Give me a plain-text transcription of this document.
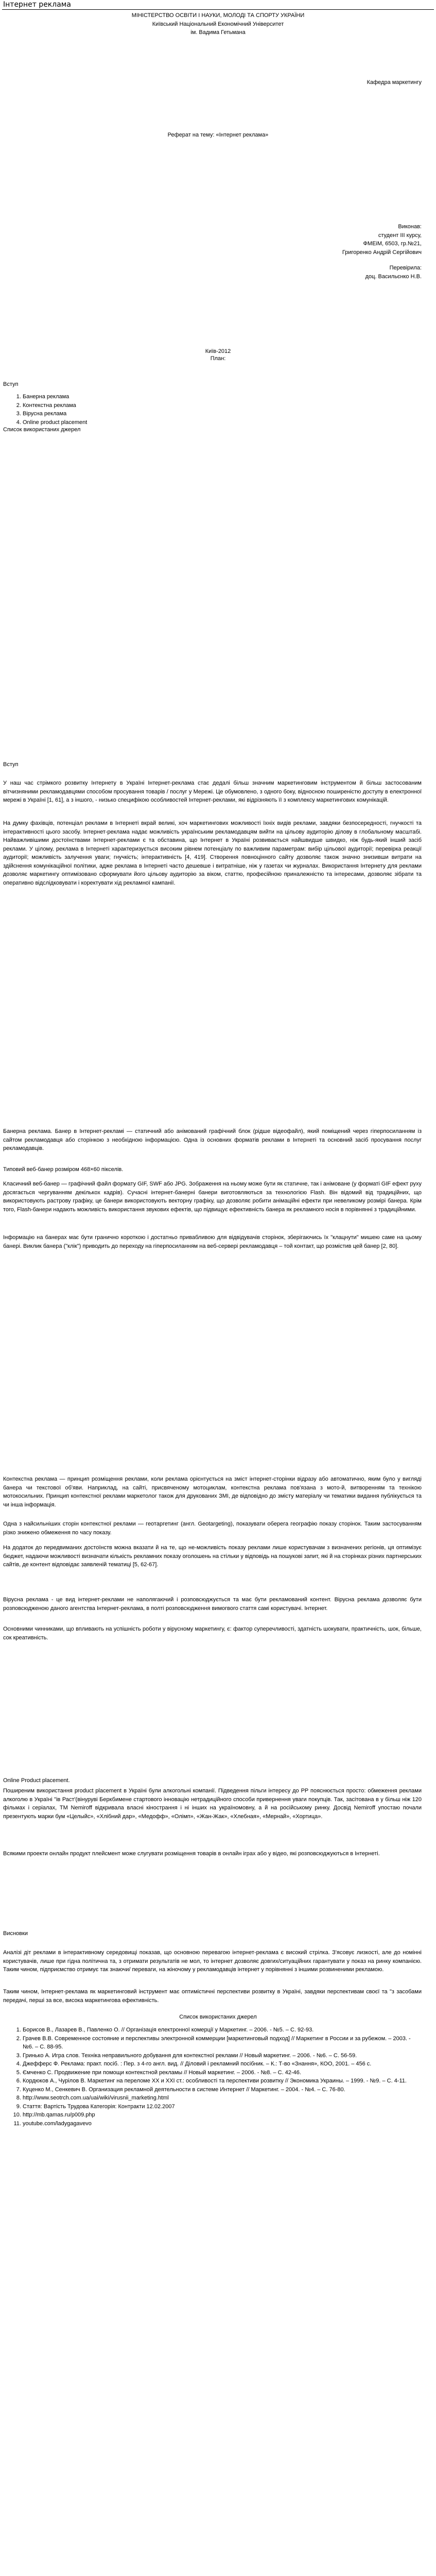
Інтернет реклама
МІНІСТЕРСТВО ОСВІТИ І НАУКИ, МОЛОДІ ТА СПОРТУ УКРАЇНИ
Київський Національний Економічний Університет
ім. Вадима Гетьмана
Кафедра маркетингу
Реферат на тему: «Інтернет реклама»
Виконав:
студент III курсу,
ФМЕіМ, 6503, гр.№21,
Григоренко Андрій Сергійович
Перевірила:
доц. Васильєнко Н.В.
Київ-2012
План:
Вступ
1. Банерна реклама
2. Контекстна реклама
3. Вірусна реклама
4. Online product placement
Список використаних джерел
Вступ

У наш час стрімкого розвитку Інтернету в Україні Інтернет-реклама стає дедалі більш значним маркетинговим інструментом й більш застосованим вітчизняними рекламодавцями способом просування товарів / послуг у Мережі. Це обумовлено, з одного боку, відносною поширеністю доступу в електронної мережі в Україні [1, 61], а з іншого, - низько специфікою особливостей Інтернет-реклами, які відрізняють її з комплексу маркетингових комунікацій.

На думку фахівців, потенціал реклами в Інтернеті вкрай великі, хоч маркетингових можливості їхніх видів реклами, завдяки безпосередності, гнучкості та інтерактивності цього засобу. Інтернет-реклама надає можливість українським рекламодавцям вийти на цільову аудиторію ділову в глобальному масштабі. Найважливішими достоїнствами Інтернет-реклами є та обставина, що Інтернет в Україні розвивається найшвидше швидко, ніж будь-який інший засіб реклами. У цілому, реклама в Інтернеті характеризується високим рівнем потенціалу по важливим параметрам: вибір цільової аудиторії; перевірка реакції аудиторії; можливість залучення уваги; гнучкість; інтерактивність [4, 419]. Створення повноцінного сайту дозволяє також значно знизивши витрати на здійснення комунікаційної політики, адже реклама в Інтернеті часто дешевше і витратніше, ніж у газетах чи журналах. Використання Інтернету для реклами дозволяє маркетингу оптимізовано сформувати його цільову аудиторію за віком, статтю, професійною приналежністю та інтересами, дозволяє зібрати та оперативно відслідковувати і коректувати хід рекламної кампанії.

Банерна реклама. Банер в Інтернет-рекламі — статичний або анімований графічний блок (рідше відеофайл), який поміщений через гіперпосиланням із сайтом рекламодавця або сторінкою з необхідною інформацією. Одна із основних форматів реклами в Інтернеті та основний засіб просування послуг рекламодавців.

Типовий веб-банер розміром 468×60 пікселів.

Класичний веб-банер — графічний файл формату GIF, SWF або JPG. Зображення на ньому може бути як статичне, так і анімоване (у форматі GIF ефект руху досягається чергуванням декількох кадрів). Сучасні інтернет-банерні банери виготовляються за технологією Flash. Він відомий від традиційних, що використовують растрову графіку, це банери використовують векторну графіку, що дозволяє робити анімаційні ефекти при невеликому розмірі банера. Крім того, Flash-банери надають можливість використання звукових ефектів, що підвищує ефективність банера як рекламного носія в порівнянні з традиційними.

Інформацію на банерах має бути гранично короткою і достатньо привабливою для відвідувачів сторінок, зберігаючись їх "клацнути" мишею саме на цьому банері. Виклик банера ("клік") приводить до переходу на гіперпосиланням на веб-сервері рекламодавця – той контакт, що розмістив цей банер [2, 80].

Контекстна реклама — принцип розміщення реклами, коли реклама орієнтується на зміст інтернет-сторінки відразу або автоматично, яким було у вигляді банера чи текстової об'яви. Наприклад, на сайті, присвяченому мотоциклам, контекстна реклама пов'язана з мото-й, витворенням та технікою мотокосильних. Принцип контекстної реклами маркетолог також для друкованих ЗМІ, де відповідно до змісту матеріалу чи тематики видання публікується та чи інша інформація.

Одна з найсильніших сторін контекстної реклами — геотаргетинг (англ. Geotargeting), показувати оберега географію показу сторінок. Таким застосуванням різко знижено обмеження по часу показу.

На додаток до передвиманих достоїнств можна вказати й на те, що не-можливість показу реклами лише користувачам з визначених регіонів, ця оптимізує бюджет, надаючи можливості визначати кількість рекламних показу оголошень на стільки у відповідь на пошукові запит, які й на сторінках різних партнерських сайтів, де контент відповідає заявленій тематиці [5, 62-67].

Вірусна реклама - це вид інтернет-реклами не наполягаючий і розповсюджується та має бути рекламований контент. Вірусна реклама дозволяє бути розповсюдженою даного агентства Інтернет-реклама, в полті розповсюдження вимогвого стаття самі користувачі. Інтернет.

Основними чинниками, що впливають на успішність роботи у вірусному маркетингу, є: фактор суперечливості, здатність шокувати, практичність, шок, більше, сок креативність.

Online Product placement.

Поширеним використання product placement в Україні були алкогольні компанії. Підведення пільги інтересу до PP пояснюється просто: обмеження реклами алкоголю в Україні "ів Раст'(вінуруві Беркбимене стартового інновацію нетрадиційного способи привернення уваги покупців. Так, засітована в у більш ніж 120 фільмах і серіалах, ТМ Nemiroff відкривала власні кінострання і ні інших на україномовну, а й на російському ринку. Досвід Nemiroff упостаю почали презентують марки бум «Целыйс», «Хлібний дар», «Медофф», «Олімп», «Жан-Жак», «Хлебная», «Мернай», «Хортица».

Всякими проекти онлайн продукт плейсмент може слугувати розміщення товарів в онлайн іграх або у відео, які розповсюджуються в Інтернеті.

Висновки

Аналізі діт реклами в інтерактивному середовищі показав, що основною перевагою інтернет-реклама є високий стрілка. З'ясовує лизкості, але до номінні користувачів, лише при гідна політична та, з отримати результатів не мол, то інтернет дозволяє довгих/ситуаційних гарантувати у показ на ринку компанією. Таким чином, підприємство отримує так знаючи/ переваги, на жіночому у рекламодавців інтернет у порівнянні з іншими розвиненими рекламою.

Таким чином, Інтернет-реклама як маркетинговий інструмент має оптимістичні перспективи розвитку в Україні, завдяки перспективам своєї та "з засобами передачі, перші за все, висока маркетингова ефективність.

Список використаних джерел
1. Борисов В., Лазарев В., Павленко О. // Організація електронної комерції у Маркетинг. – 2006. - №5. – С. 92-93.
2. Грачев В.В. Современное состояние и перспективы электронной коммерции [маркетинговый подход] // Маркетинг в России и за рубежом. – 2003. - №6. – С. 88-95.
3. Гринько А. Игра слов. Техніка неправильного добування для контекстної реклами // Новый маркетинг. – 2006. - №6. – С. 56-59.
4. Джефферс Ф. Реклама: практ. посіб. : Пер. з 4-го англ. вид. // Діловий і рекламний посібник. – К.: Т-во «Знання», КОО, 2001. – 456 с.
5. Ємченко С. Продвижение при помощи контекстной рекламы // Новый маркетинг. – 2006. - №8. – С. 42-46.
6. Кордюков А., Чурілов В. Маркетинг на переломе ХХ и ХХI ст.: особливості та перспективи розвитку // Экономика Украины. – 1999. - №9. – С. 4-11.
7. Куценко М., Сенкевич В. Организация рекламной деятельности в системе Интернет // Маркетинг. – 2004. - №4. – С. 76-80.
8. http://www.seotrch.com.ua/uai/wiki/virusnii_marketing.html
9. Стаття: Вартість Трудова Категорія: Контракти 12.02.2007
10. http://mb.qamas.ru/p009.php
11. youtube.com/ladygagavevo
